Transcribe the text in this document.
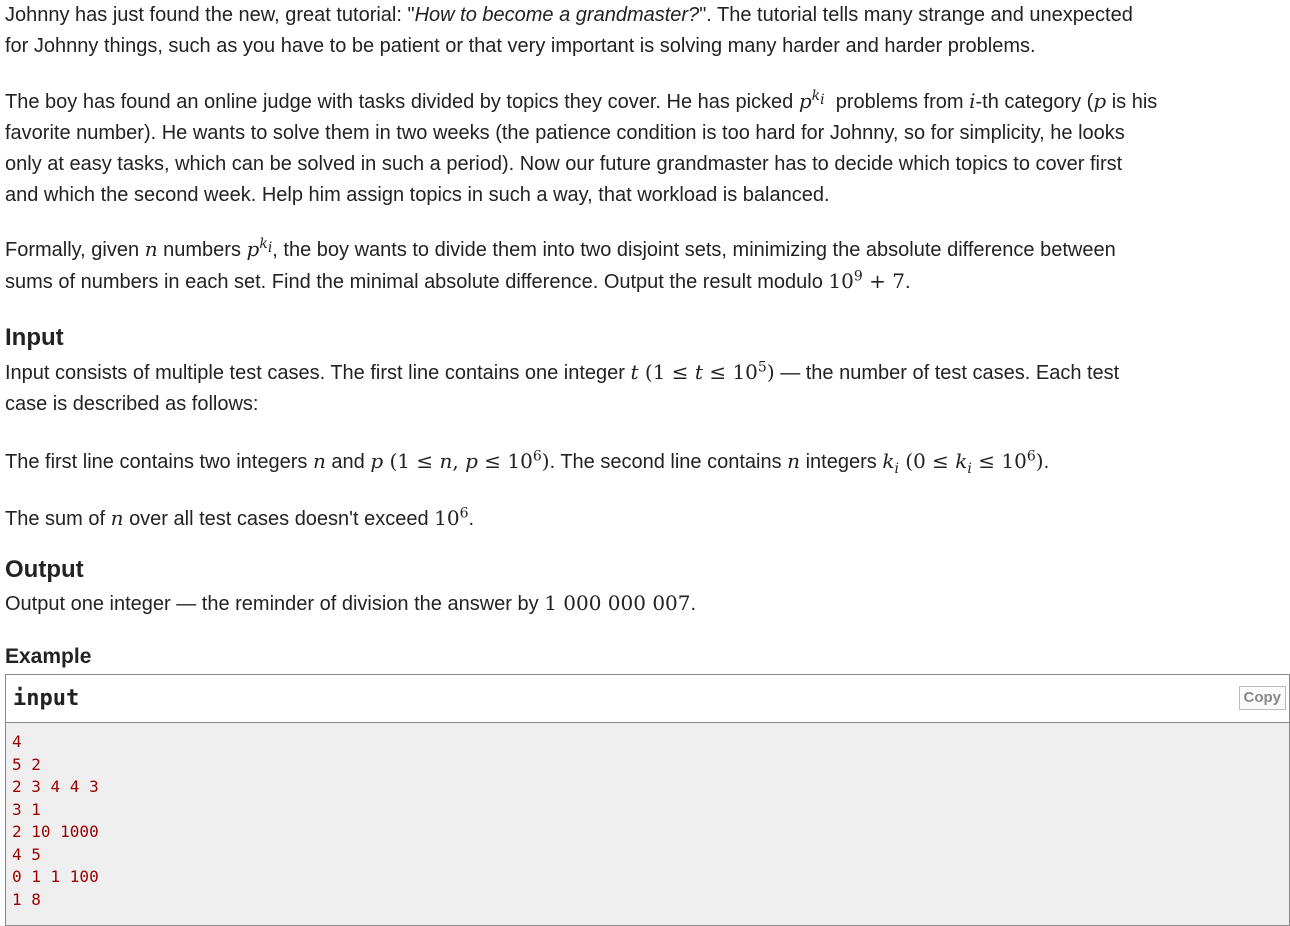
Johnny has just found the new, great tutorial: "How to become a grandmaster?". The tutorial tells many strange and unexpected
for Johnny things, such as you have to be patient or that very important is solving many harder and harder problems.

The boy has found an online judge with tasks divided by topics they cover. He has picked $p^{k_i}$ problems from i-th category (p is his
favorite number). He wants to solve them in two weeks (the patience condition is too hard for Johnny, so for simplicity, he looks
only at easy tasks, which can be solved in such a period). Now our future grandmaster has to decide which topics to cover first
and which the second week. Help him assign topics in such a way, that workload is balanced.

Formally, given n numbers $p^{k_i}$, the boy wants to divide them into two disjoint sets, minimizing the absolute difference between
sums of numbers in each set. Find the minimal absolute difference. Output the result modulo $10^9 + 7$.

Input

Input consists of multiple test cases. The first line contains one integer t $(1 \le t \le 10^5)$ — the number of test cases. Each test
case is described as follows:

The first line contains two integers n and p (1 ≤ n, $p \le 10^6$). The second line contains n integers $k_i$ $(0 \le k_i \le 10^6)$.

The sum of n over all test cases doesn't exceed $10^6$.

Output

Output one integer — the reminder of division the answer by 1 000 000 007.

Example
input	Copy
4
5 2
2 3 4 4 3
3 1
2 10 1000
4 5
0 1 1 100
1 8
